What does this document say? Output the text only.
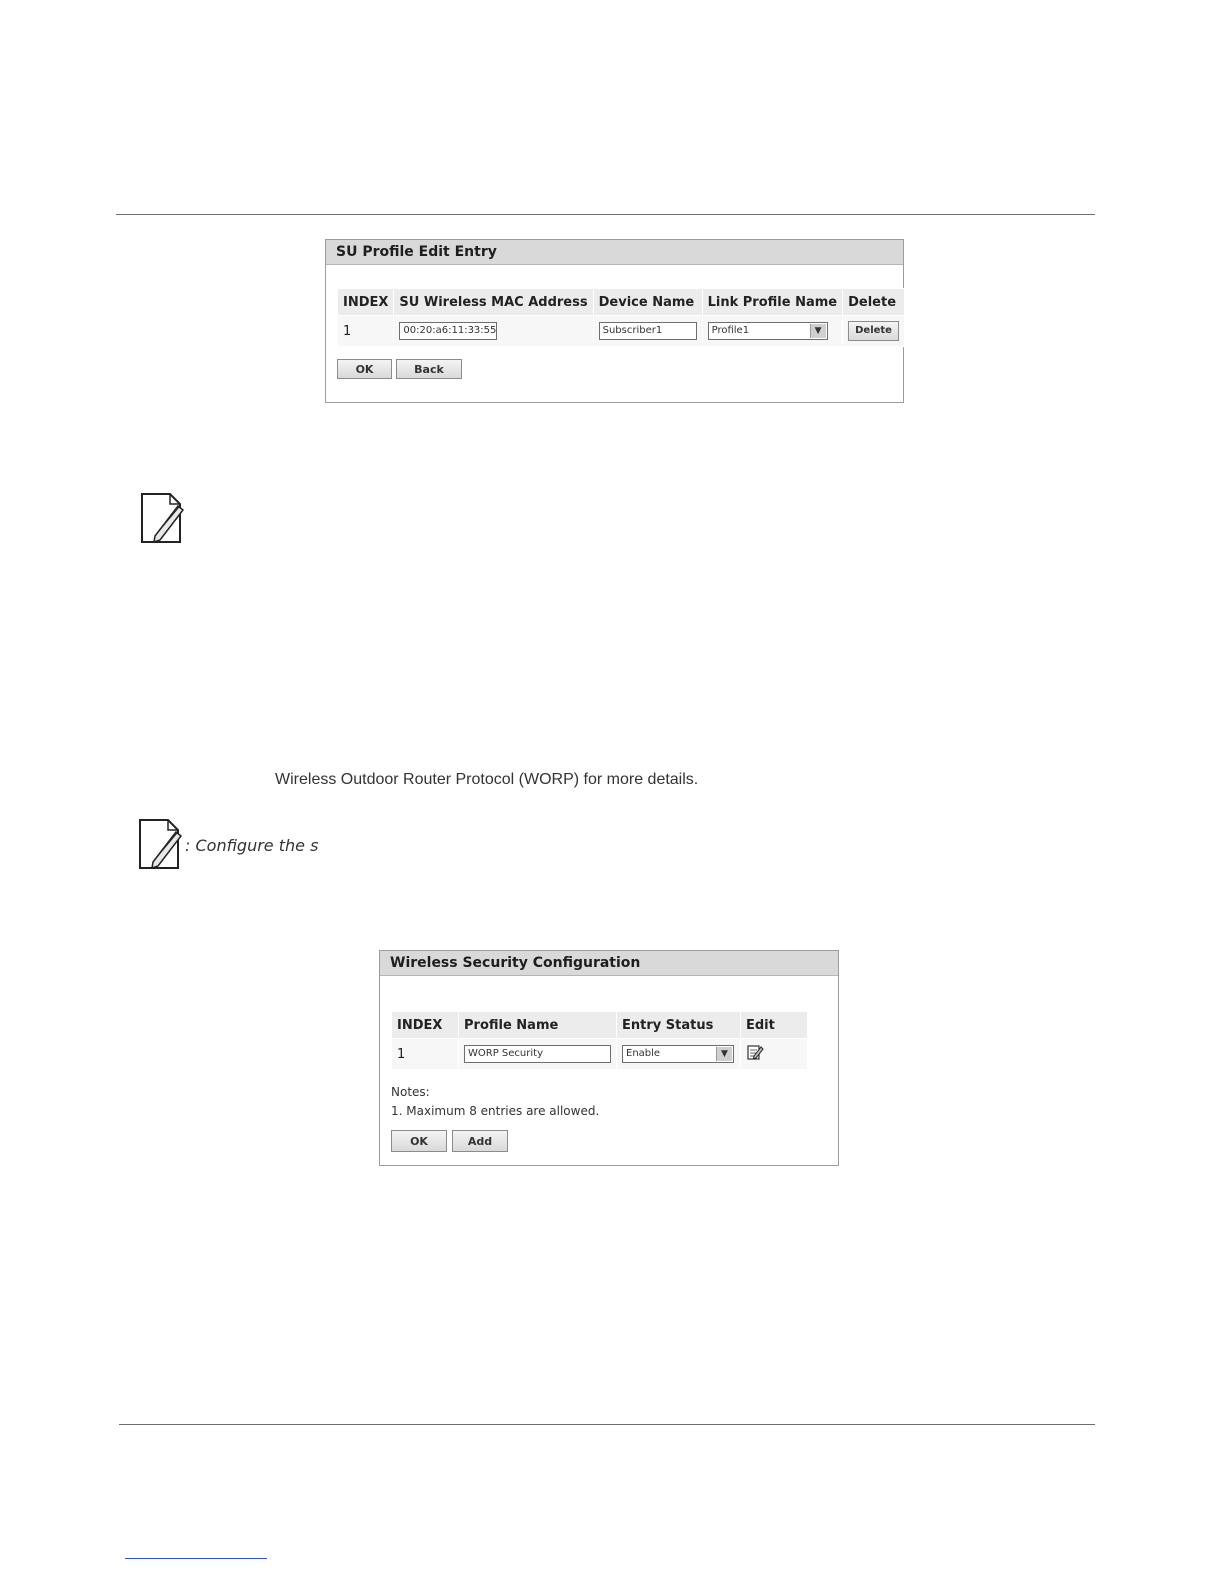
SU Profile Edit Entry
INDEX	SU Wireless MAC Address	Device Name	Link Profile Name	Delete
1	00:20:a6:11:33:55	Subscriber1	Profile1 ▼	Delete
OK	Back
Wireless Outdoor Router Protocol (WORP) for more details.
: Configure the s
Wireless Security Configuration
INDEX	Profile Name	Entry Status	Edit
1	WORP Security	Enable ▼

Notes:
1. Maximum 8 entries are allowed.
OK	Add
